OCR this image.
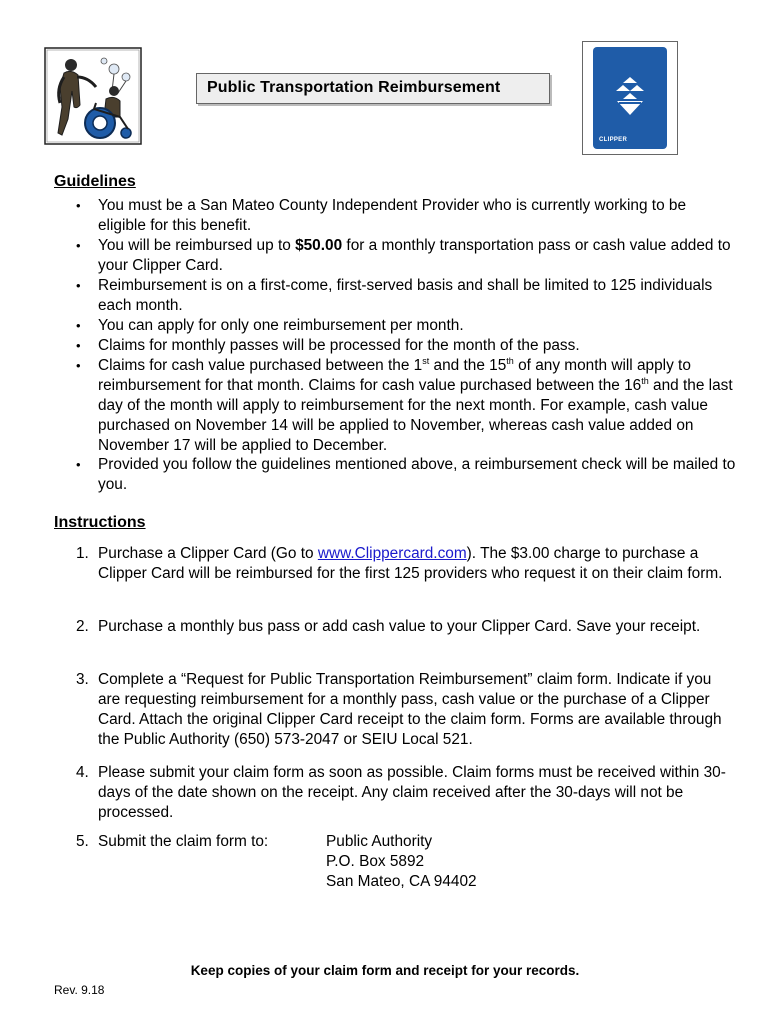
Public Transportation Reimbursement
CLIPPER
Guidelines
•	You must be a San Mateo County Independent Provider who is currently working to be eligible for this benefit.
•	You will be reimbursed up to $50.00 for a monthly transportation pass or cash value added to your Clipper Card.
•	Reimbursement is on a first-come, first-served basis and shall be limited to 125 individuals each month.
•	You can apply for only one reimbursement per month.
•	Claims for monthly passes will be processed for the month of the pass.
•	Claims for cash value purchased between the 1st and the 15th of any month will apply to reimbursement for that month. Claims for cash value purchased between the 16th and the last day of the month will apply to reimbursement for the next month. For example, cash value purchased on November 14 will be applied to November, whereas cash value added on November 17 will be applied to December.
•	Provided you follow the guidelines mentioned above, a reimbursement check will be mailed to you.
Instructions
1. Purchase a Clipper Card (Go to www.Clippercard.com). The $3.00 charge to purchase a Clipper Card will be reimbursed for the first 125 providers who request it on their claim form.
2. Purchase a monthly bus pass or add cash value to your Clipper Card. Save your receipt.
3. Complete a “Request for Public Transportation Reimbursement” claim form. Indicate if you are requesting reimbursement for a monthly pass, cash value or the purchase of a Clipper Card. Attach the original Clipper Card receipt to the claim form. Forms are available through the Public Authority (650) 573-2047 or SEIU Local 521.
4. Please submit your claim form as soon as possible. Claim forms must be received within 30-days of the date shown on the receipt. Any claim received after the 30-days will not be processed.
5. Submit the claim form to:	Public Authority
P.O. Box 5892
San Mateo, CA 94402
Keep copies of your claim form and receipt for your records.
Rev. 9.18
